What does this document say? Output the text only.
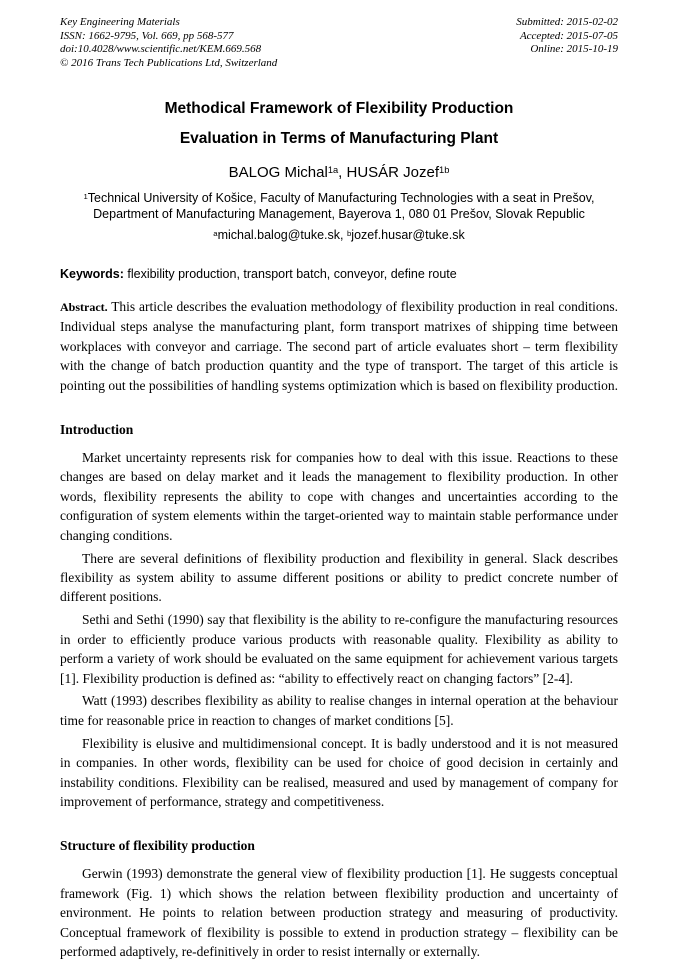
Key Engineering Materials
ISSN: 1662-9795, Vol. 669, pp 568-577
doi:10.4028/www.scientific.net/KEM.669.568
© 2016 Trans Tech Publications Ltd, Switzerland
Submitted: 2015-02-02
Accepted: 2015-07-05
Online: 2015-10-19
Methodical Framework of Flexibility Production
Evaluation in Terms of Manufacturing Plant
BALOG Michal$^{1a}$, HUSÁR Jozef$^{1b}$
$^1$Technical University of Košice, Faculty of Manufacturing Technologies with a seat in Prešov, Department of Manufacturing Management, Bayerova 1, 080 01 Prešov, Slovak Republic
$^a$michal.balog@tuke.sk, $^b$jozef.husar@tuke.sk
Keywords: flexibility production, transport batch, conveyor, define route
Abstract. This article describes the evaluation methodology of flexibility production in real conditions. Individual steps analyse the manufacturing plant, form transport matrixes of shipping time between workplaces with conveyor and carriage. The second part of article evaluates short – term flexibility with the change of batch production quantity and the type of transport. The target of this article is pointing out the possibilities of handling systems optimization which is based on flexibility production.
Introduction

Market uncertainty represents risk for companies how to deal with this issue. Reactions to these changes are based on delay market and it leads the management to flexibility production. In other words, flexibility represents the ability to cope with changes and uncertainties according to the configuration of system elements within the target-oriented way to maintain stable performance under changing conditions.

There are several definitions of flexibility production and flexibility in general. Slack describes flexibility as system ability to assume different positions or ability to predict concrete number of different positions.

Sethi and Sethi (1990) say that flexibility is the ability to re-configure the manufacturing resources in order to efficiently produce various products with reasonable quality. Flexibility as ability to perform a variety of work should be evaluated on the same equipment for achievement various targets [1]. Flexibility production is defined as: “ability to effectively react on changing factors” [2-4].

Watt (1993) describes flexibility as ability to realise changes in internal operation at the behaviour time for reasonable price in reaction to changes of market conditions [5].

Flexibility is elusive and multidimensional concept. It is badly understood and it is not measured in companies. In other words, flexibility can be used for choice of good decision in certainly and instability conditions. Flexibility can be realised, measured and used by management of company for improvement of performance, strategy and competitiveness.

Structure of flexibility production

Gerwin (1993) demonstrate the general view of flexibility production [1]. He suggests conceptual framework (Fig. 1) which shows the relation between flexibility production and uncertainty of environment. He points to relation between production strategy and measuring of productivity. Conceptual framework of flexibility is possible to extend in production strategy – flexibility can be performed adaptively, re-definitively in order to resist internally or externally.
